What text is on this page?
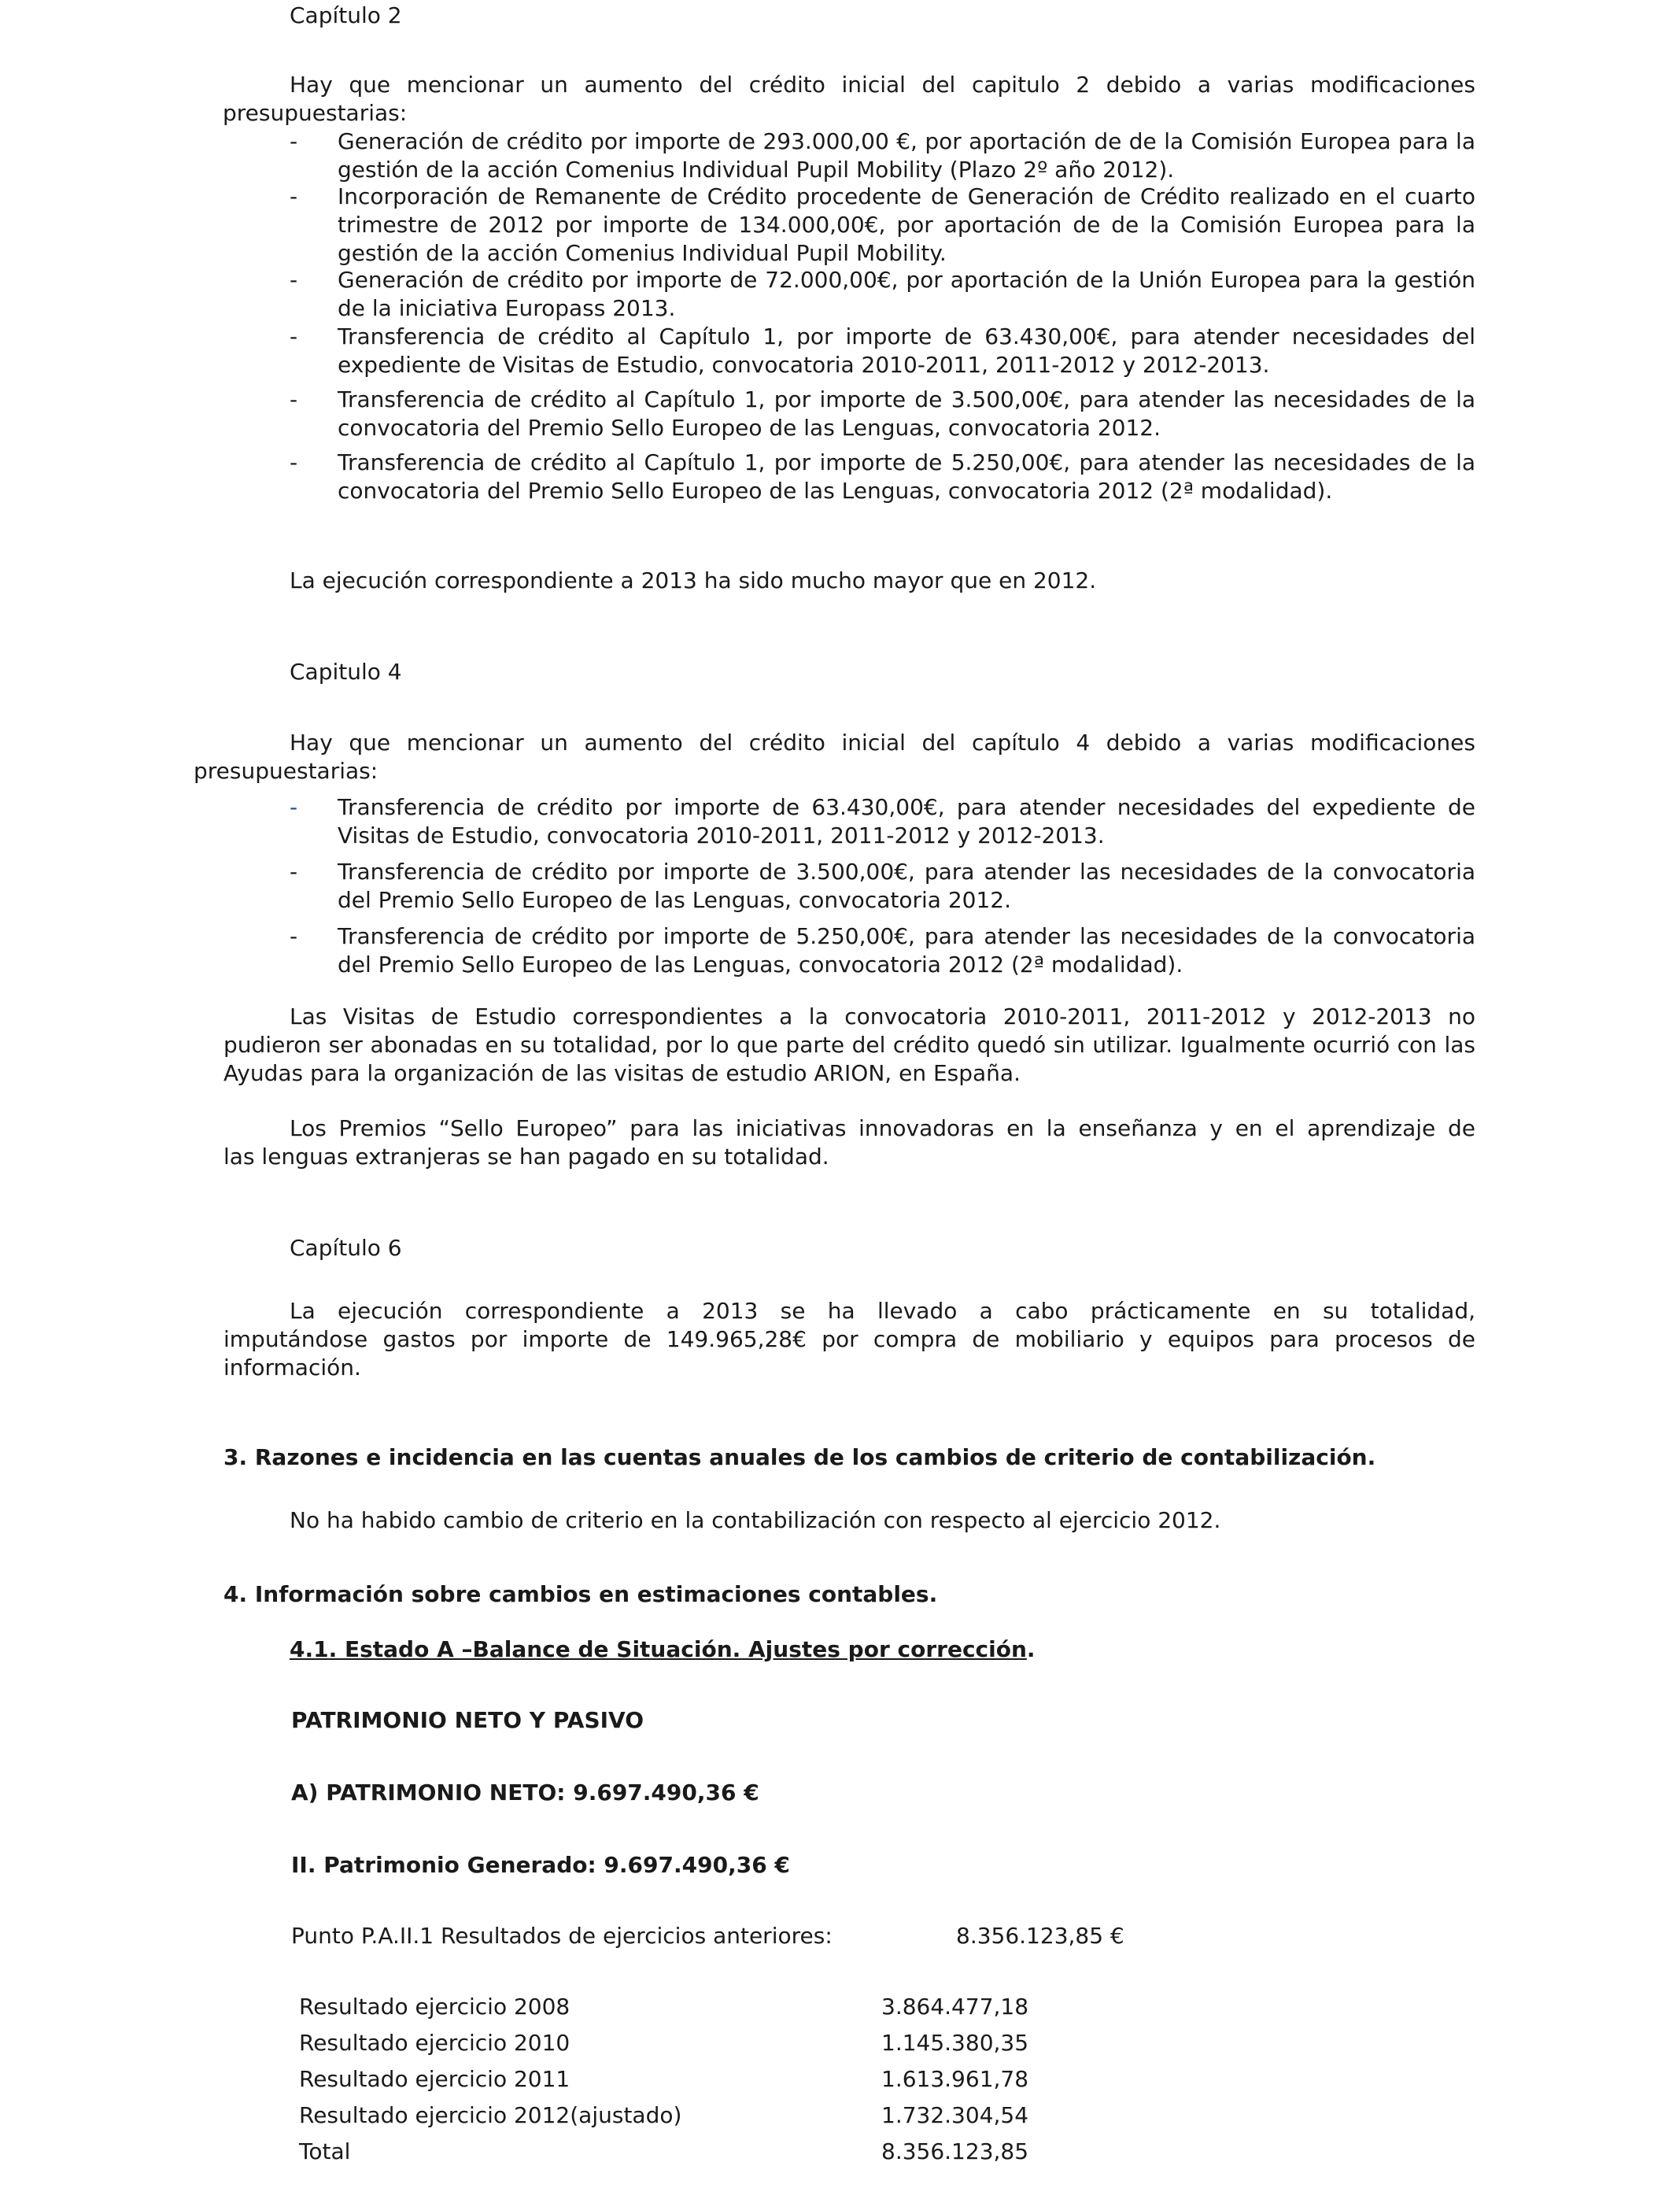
Capítulo 2

Hay que mencionar un aumento del crédito inicial del capitulo 2 debido a varias modificaciones

presupuestarias:

- Generación de crédito por importe de 293.000,00 €, por aportación de de la Comisión Europea para la gestión de la acción Comenius Individual Pupil Mobility (Plazo 2º año 2012).

- Incorporación de Remanente de Crédito procedente de Generación de Crédito realizado en el cuarto trimestre de 2012 por importe de 134.000,00€, por aportación de de la Comisión Europea para la gestión de la acción Comenius Individual Pupil Mobility.

- Generación de crédito por importe de 72.000,00€, por aportación de la Unión Europea para la gestión de la iniciativa Europass 2013.

- Transferencia de crédito al Capítulo 1, por importe de 63.430,00€, para atender necesidades del expediente de Visitas de Estudio, convocatoria 2010-2011, 2011-2012 y 2012-2013.

- Transferencia de crédito al Capítulo 1, por importe de 3.500,00€, para atender las necesidades de la convocatoria del Premio Sello Europeo de las Lenguas, convocatoria 2012.

- Transferencia de crédito al Capítulo 1, por importe de 5.250,00€, para atender las necesidades de la convocatoria del Premio Sello Europeo de las Lenguas, convocatoria 2012 (2ª modalidad).

La ejecución correspondiente a 2013 ha sido mucho mayor que en 2012.

Capitulo 4

Hay que mencionar un aumento del crédito inicial del capítulo 4 debido a varias modificaciones

presupuestarias:

- Transferencia de crédito por importe de 63.430,00€, para atender necesidades del expediente de Visitas de Estudio, convocatoria 2010-2011, 2011-2012 y 2012-2013.

- Transferencia de crédito por importe de 3.500,00€, para atender las necesidades de la convocatoria del Premio Sello Europeo de las Lenguas, convocatoria 2012.

- Transferencia de crédito por importe de 5.250,00€, para atender las necesidades de la convocatoria del Premio Sello Europeo de las Lenguas, convocatoria 2012 (2ª modalidad).

Las Visitas de Estudio correspondientes a la convocatoria 2010-2011, 2011-2012 y 2012-2013 no

pudieron ser abonadas en su totalidad, por lo que parte del crédito quedó sin utilizar. Igualmente ocurrió con las Ayudas para la organización de las visitas de estudio ARION, en España.

Los Premios “Sello Europeo” para las iniciativas innovadoras en la enseñanza y en el aprendizaje de

las lenguas extranjeras se han pagado en su totalidad.

Capítulo 6

La ejecución correspondiente a 2013 se ha llevado a cabo prácticamente en su totalidad,

imputándose gastos por importe de 149.965,28€ por compra de mobiliario y equipos para procesos de información.

3. Razones e incidencia en las cuentas anuales de los cambios de criterio de contabilización.

No ha habido cambio de criterio en la contabilización con respecto al ejercicio 2012.

4. Información sobre cambios en estimaciones contables.

4.1. Estado A –Balance de Situación. Ajustes por corrección.

PATRIMONIO NETO Y PASIVO

A) PATRIMONIO NETO: 9.697.490,36 €

II. Patrimonio Generado: 9.697.490,36 €

Punto P.A.II.1 Resultados de ejercicios anteriores:	8.356.123,85 €

Resultado ejercicio 2008	3.864.477,18
Resultado ejercicio 2010	1.145.380,35
Resultado ejercicio 2011	1.613.961,78
Resultado ejercicio 2012(ajustado)	1.732.304,54
Total	8.356.123,85
